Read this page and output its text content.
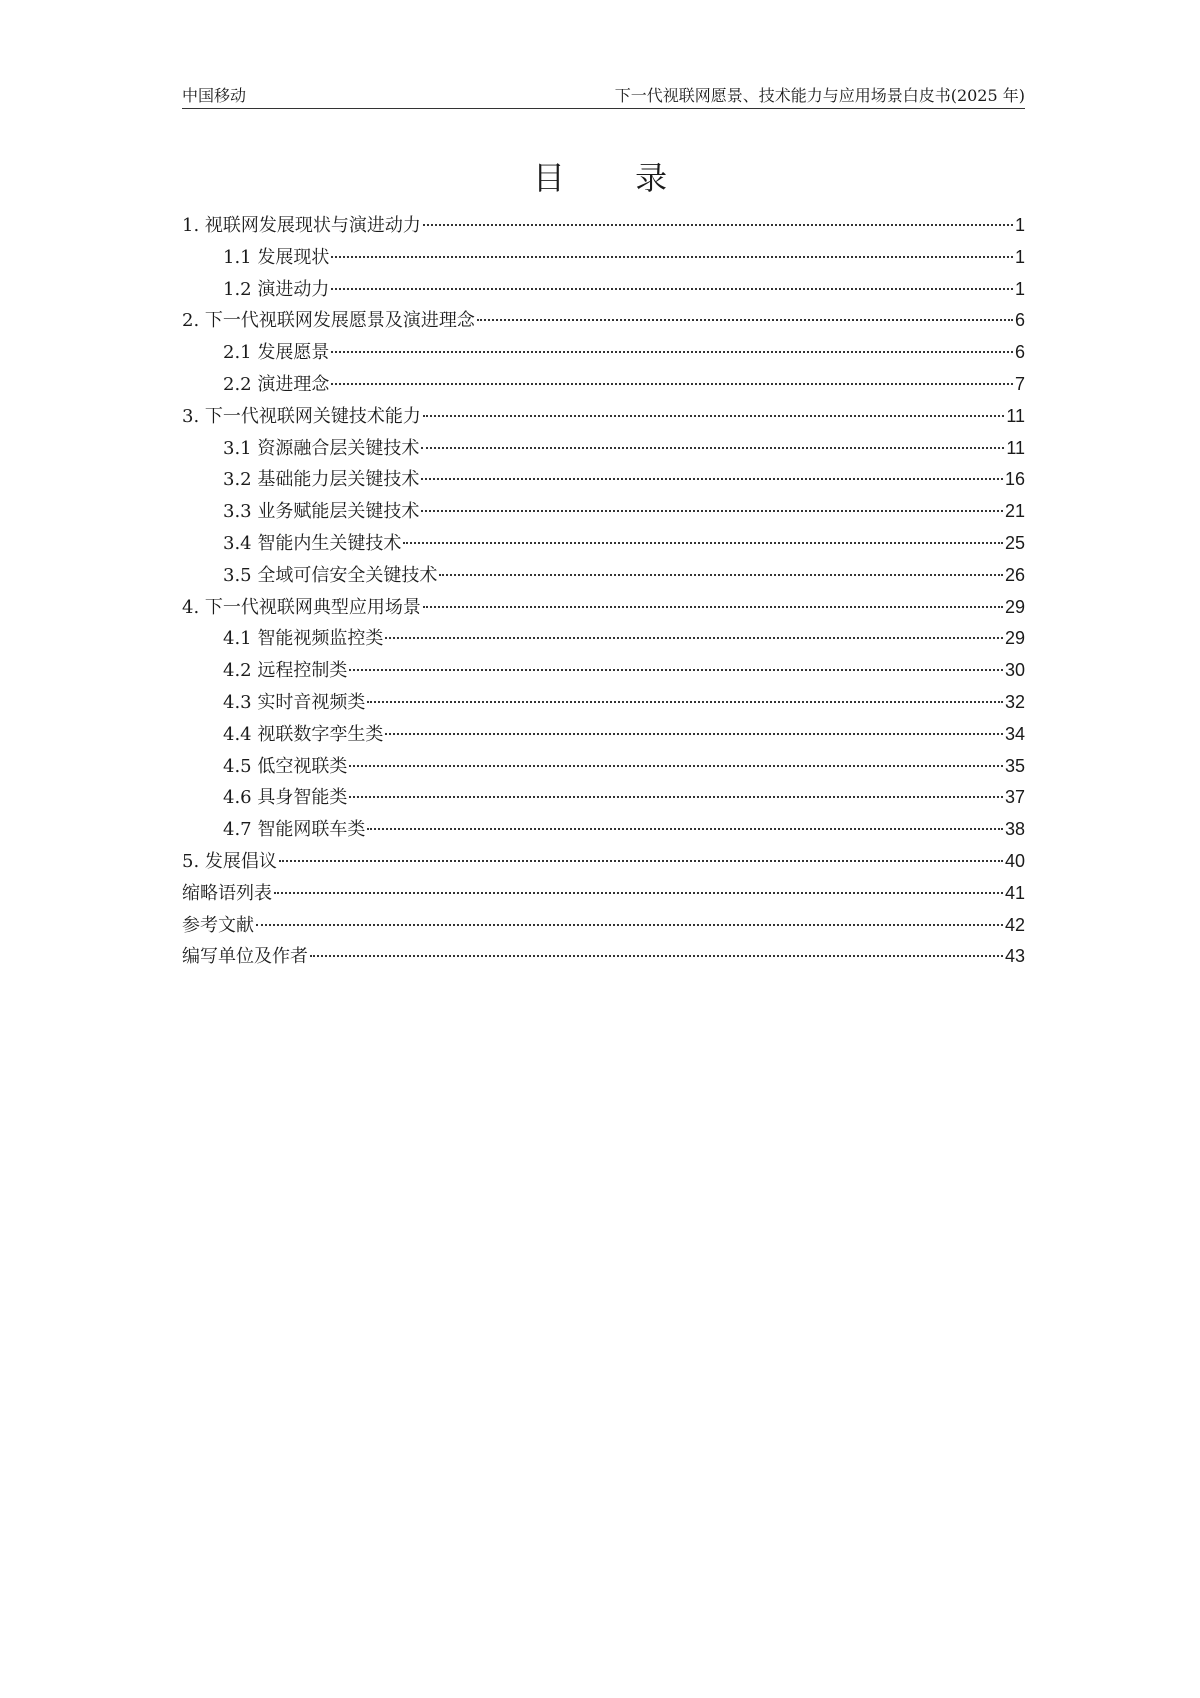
中国移动	下一代视联网愿景、技术能力与应用场景白皮书(2025 年)
目 录
1. 视联网发展现状与演进动力	1
1.1 发展现状	1
1.2 演进动力	1
2. 下一代视联网发展愿景及演进理念	6
2.1 发展愿景	6
2.2 演进理念	7
3. 下一代视联网关键技术能力	11
3.1 资源融合层关键技术	11
3.2 基础能力层关键技术	16
3.3 业务赋能层关键技术	21
3.4 智能内生关键技术	25
3.5 全域可信安全关键技术	26
4. 下一代视联网典型应用场景	29
4.1 智能视频监控类	29
4.2 远程控制类	30
4.3 实时音视频类	32
4.4 视联数字孪生类	34
4.5 低空视联类	35
4.6 具身智能类	37
4.7 智能网联车类	38
5. 发展倡议	40
缩略语列表	41
参考文献	42
编写单位及作者	43
